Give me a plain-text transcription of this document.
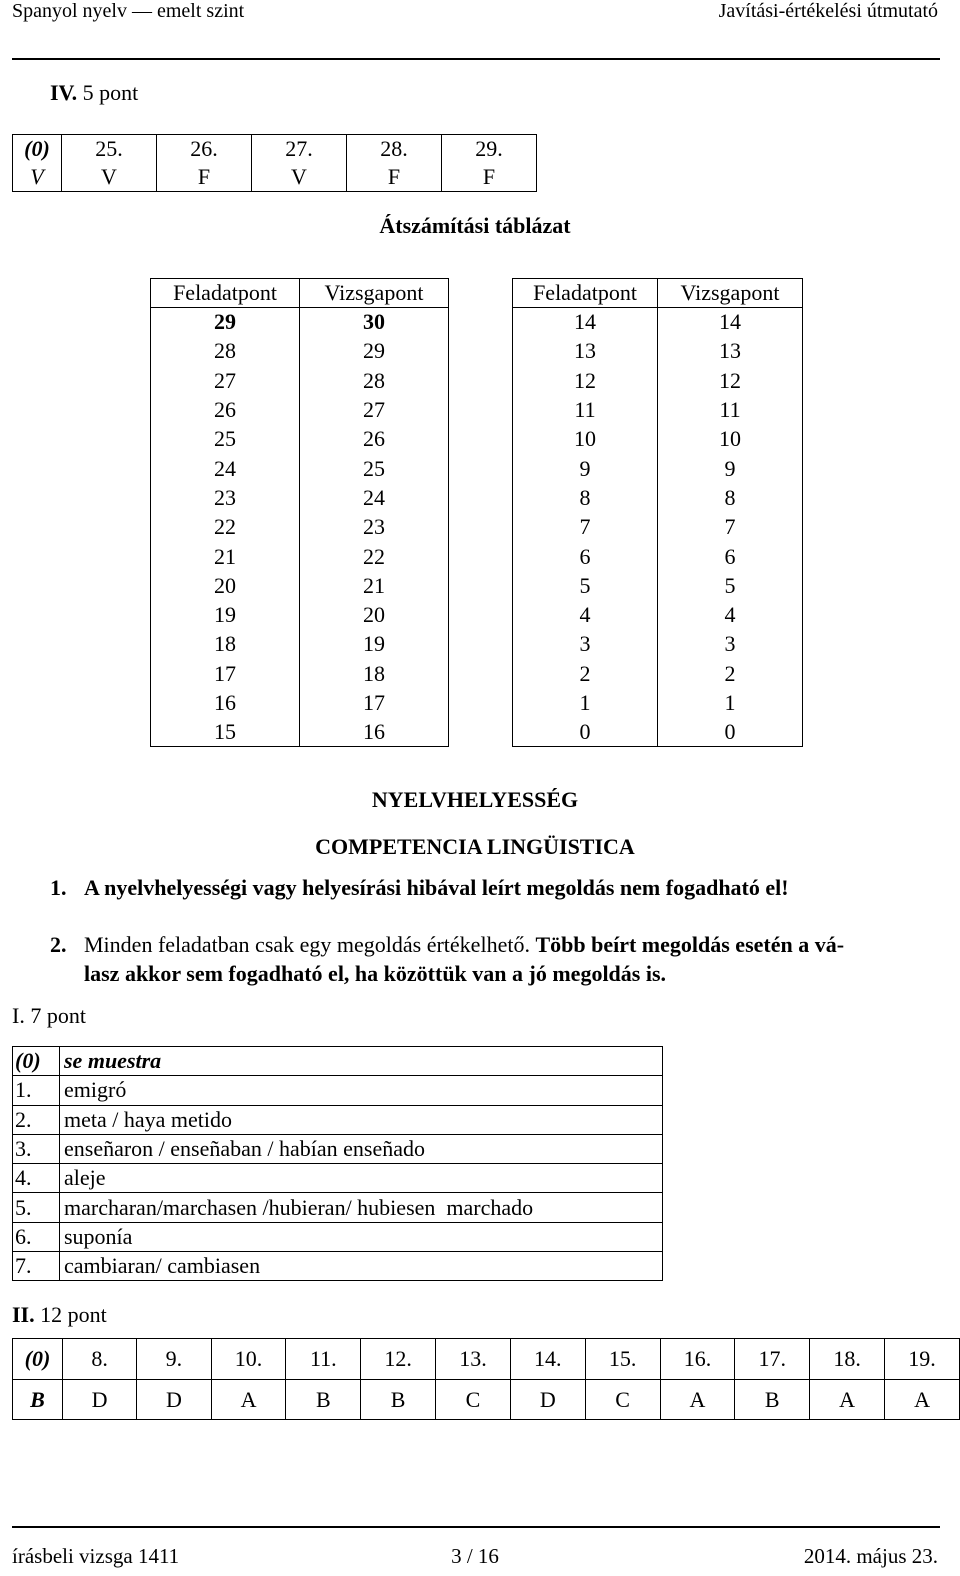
Spanyol nyelv — emelt szint	Javítási-értékelési útmutató
IV. 5 pont
(0)	25.	26.	27.	28.	29.
V	V	F	V	F	F
Átszámítási táblázat
Feladatpont	Vizsgapont
29	30
28	29
27	28
26	27
25	26
24	25
23	24
22	23
21	22
20	21
19	20
18	19
17	18
16	17
15	16
Feladatpont	Vizsgapont
14	14
13	13
12	12
11	11
10	10
9	9
8	8
7	7
6	6
5	5
4	4
3	3
2	2
1	1
0	0
NYELVHELYESSÉG
COMPETENCIA LINGÜISTICA
1. A nyelvhelyességi vagy helyesírási hibával leírt megoldás nem fogadható el!
2. Minden feladatban csak egy megoldás értékelhető. Több beírt megoldás esetén a vá-
lasz akkor sem fogadható el, ha közöttük van a jó megoldás is.
I. 7 pont
(0)	se muestra
1.	emigró
2.	meta / haya metido
3.	enseñaron / enseñaban / habían enseñado
4.	aleje
5.	marcharan/marchasen /hubieran/ hubiesen  marchado
6.	suponía
7.	cambiaran/ cambiasen
II. 12 pont
(0)	8.	9.	10.	11.	12.	13.	14.	15.	16.	17.	18.	19.
B	D	D	A	B	B	C	D	C	A	B	A	A
írásbeli vizsga 1411	3 / 16	2014. május 23.
